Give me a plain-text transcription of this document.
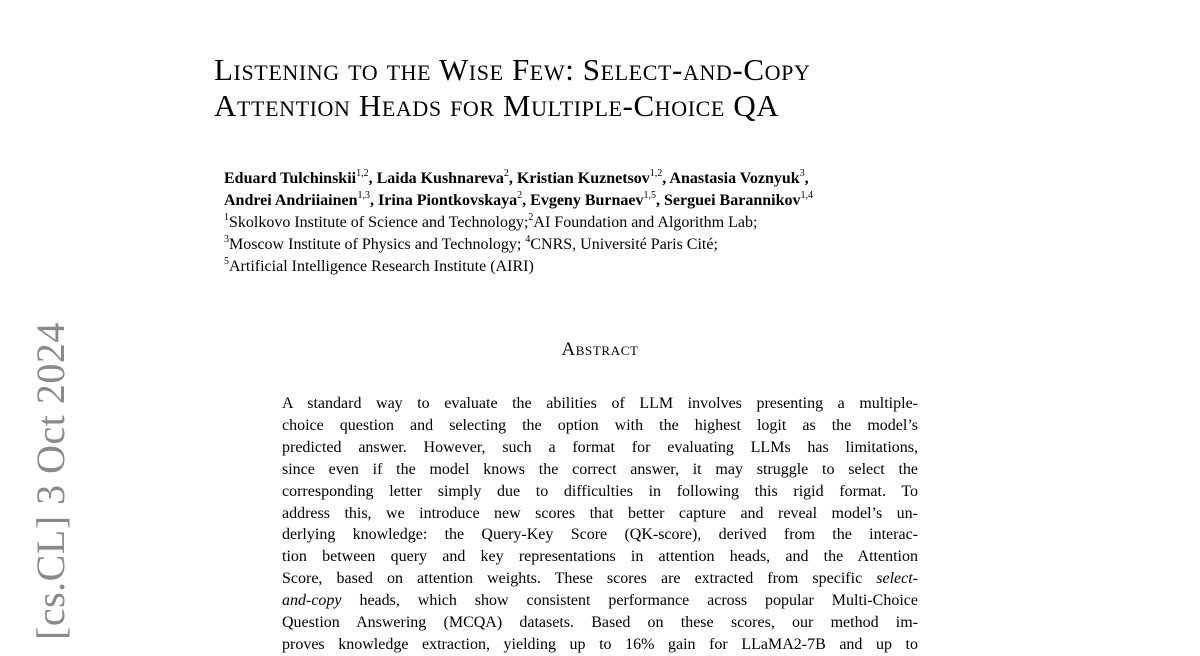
[cs.CL] 3 Oct 2024
Listening to the Wise Few: Select-and-Copy
Attention Heads for Multiple-Choice QA
Eduard Tulchinskii$^{1,2}$, Laida Kushnareva$^2$, Kristian Kuznetsov$^{1,2}$, Anastasia Voznyuk$^3$,
Andrei Andriiainen$^{1,3}$, Irina Piontkovskaya$^2$, Evgeny Burnaev$^{1,5}$, Serguei Barannikov$^{1,4}$
$^1$Skolkovo Institute of Science and Technology;$^2$AI Foundation and Algorithm Lab;
$^3$Moscow Institute of Physics and Technology; $^4$CNRS, Université Paris Cité;
$^5$Artificial Intelligence Research Institute (AIRI)
Abstract
A standard way to evaluate the abilities of LLM involves presenting a multiple-
choice question and selecting the option with the highest logit as the model’s
predicted answer. However, such a format for evaluating LLMs has limitations,
since even if the model knows the correct answer, it may struggle to select the
corresponding letter simply due to difficulties in following this rigid format. To
address this, we introduce new scores that better capture and reveal model’s un-
derlying knowledge: the Query-Key Score (QK-score), derived from the interac-
tion between query and key representations in attention heads, and the Attention
Score, based on attention weights. These scores are extracted from specific select-
and-copy heads, which show consistent performance across popular Multi-Choice
Question Answering (MCQA) datasets. Based on these scores, our method im-
proves knowledge extraction, yielding up to 16% gain for LLaMA2-7B and up to
